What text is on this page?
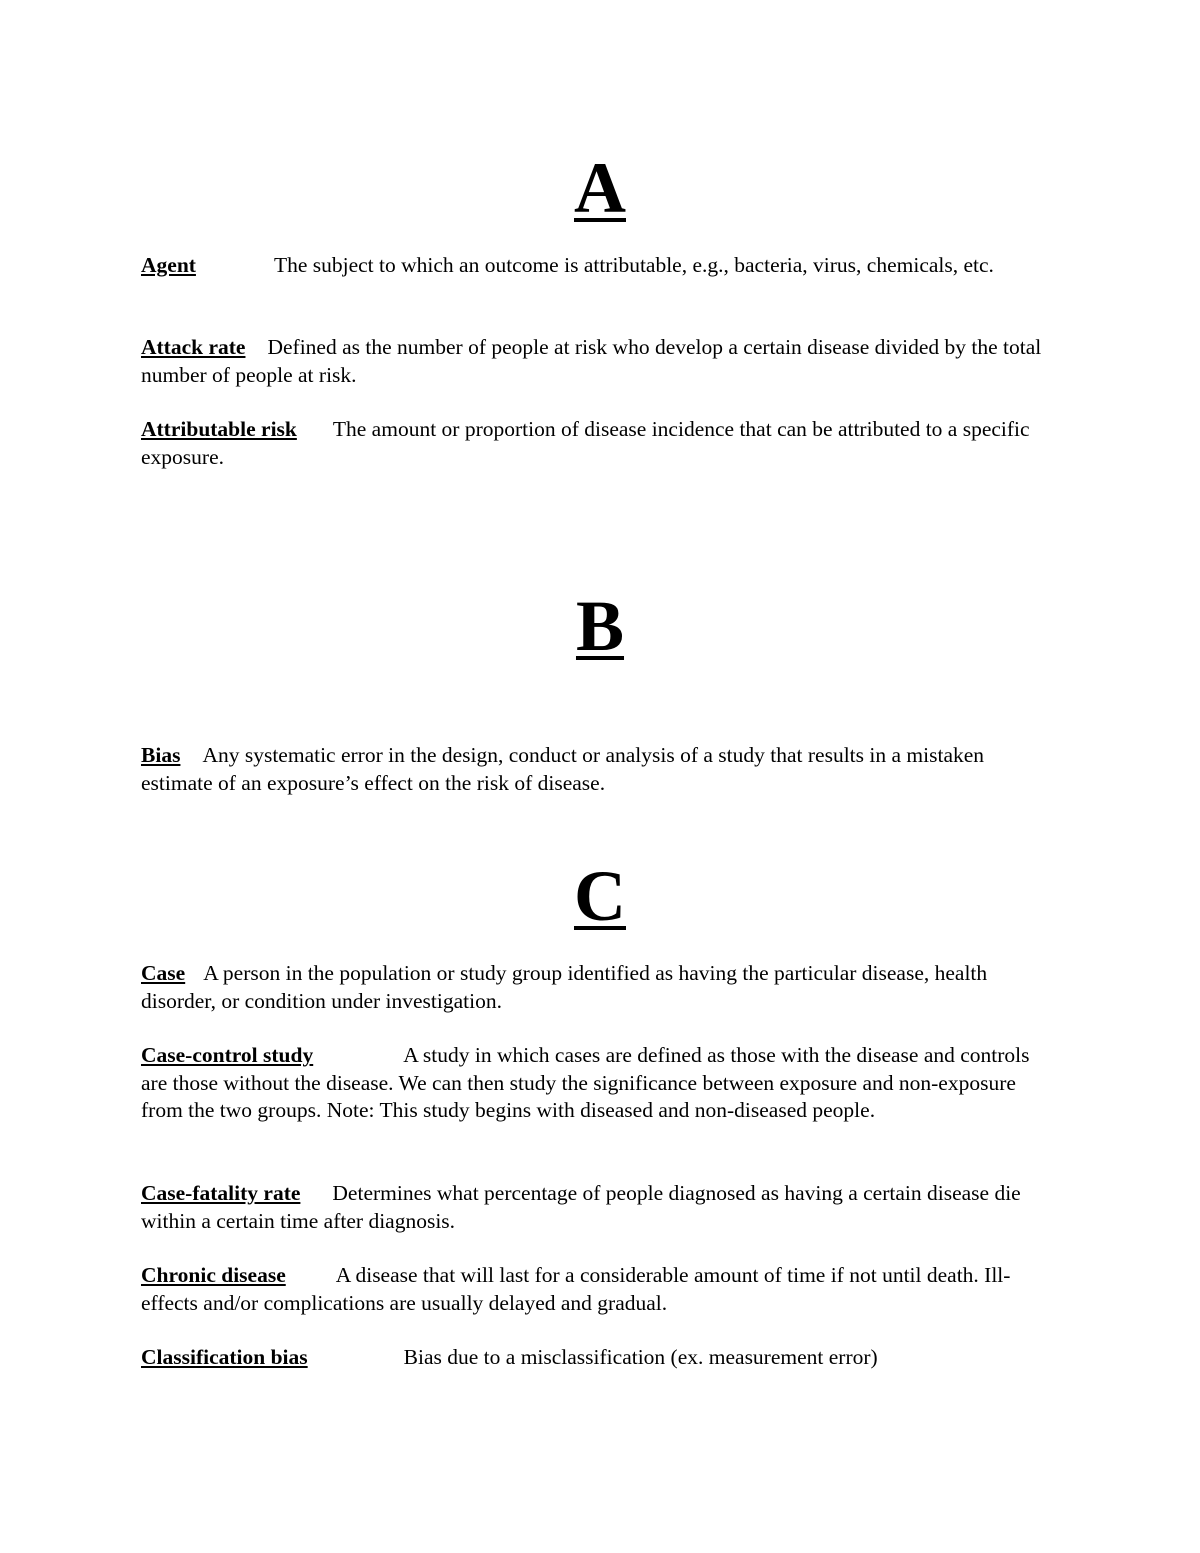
A
Agent	The subject to which an outcome is attributable, e.g., bacteria, virus, chemicals, etc.
Attack rate Defined as the number of people at risk who develop a certain disease divided by the total number of people at risk.
Attributable risk The amount or proportion of disease incidence that can be attributed to a specific exposure.
B
Bias Any systematic error in the design, conduct or analysis of a study that results in a mistaken estimate of an exposure’s effect on the risk of disease.
C
Case A person in the population or study group identified as having the particular disease, health disorder, or condition under investigation.
Case-control study	A study in which cases are defined as those with the disease and controls are those without the disease. We can then study the significance between exposure and non-exposure from the two groups. Note: This study begins with diseased and non-diseased people.
Case-fatality rate Determines what percentage of people diagnosed as having a certain disease die within a certain time after diagnosis.
Chronic disease A disease that will last for a considerable amount of time if not until death. Ill-effects and/or complications are usually delayed and gradual.
Classification bias	Bias due to a misclassification (ex. measurement error)
